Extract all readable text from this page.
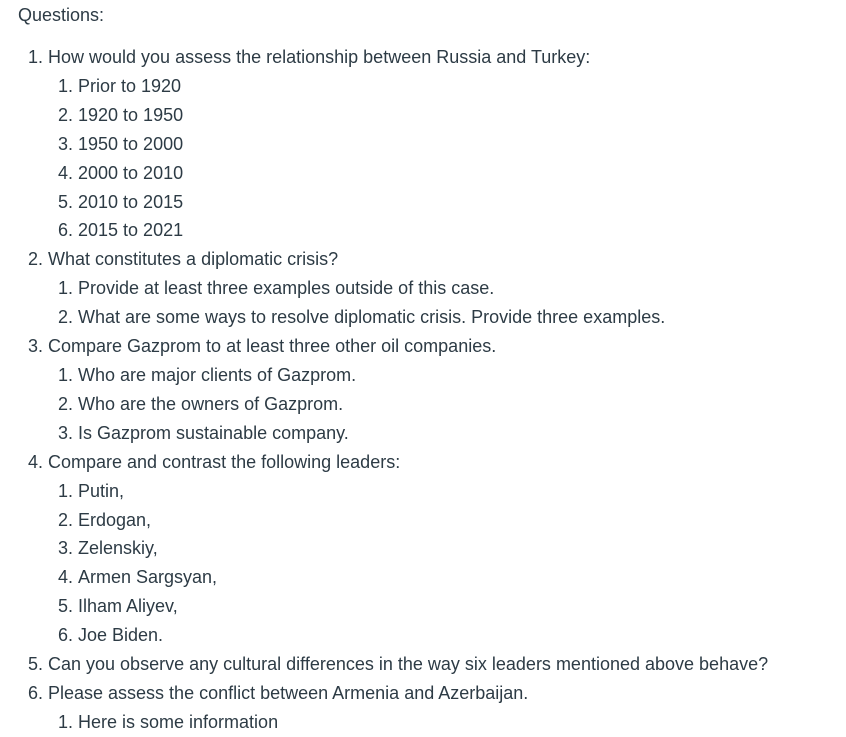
Questions:

1. How would you assess the relationship between Russia and Turkey:
1. Prior to 1920
2. 1920 to 1950
3. 1950 to 2000
4. 2000 to 2010
5. 2010 to 2015
6. 2015 to 2021
2. What constitutes a diplomatic crisis?
1. Provide at least three examples outside of this case.
2. What are some ways to resolve diplomatic crisis. Provide three examples.
3. Compare Gazprom to at least three other oil companies.
1. Who are major clients of Gazprom.
2. Who are the owners of Gazprom.
3. Is Gazprom sustainable company.
4. Compare and contrast the following leaders:
1. Putin,
2. Erdogan,
3. Zelenskiy,
4. Armen Sargsyan,
5. Ilham Aliyev,
6. Joe Biden.
5. Can you observe any cultural differences in the way six leaders mentioned above behave?
6. Please assess the conflict between Armenia and Azerbaijan.
1. Here is some information
